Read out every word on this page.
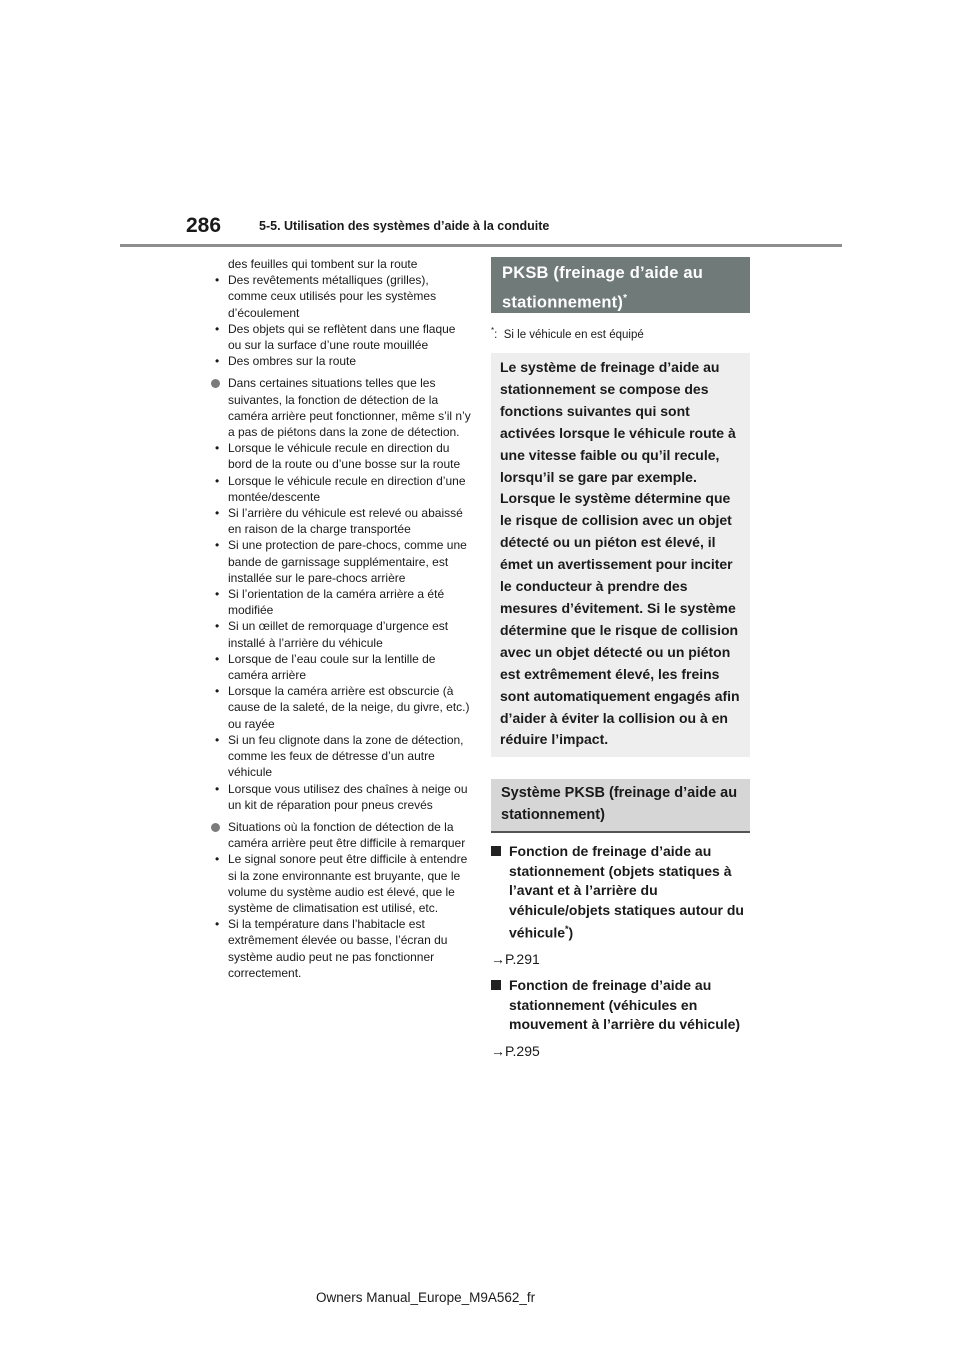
286	5-5. Utilisation des systèmes d’aide à la conduite

des feuilles qui tombent sur la route

• Des revêtements métalliques (grilles), comme ceux utilisés pour les systèmes d’écoulement
• Des objets qui se reflètent dans une flaque ou sur la surface d’une route mouillée
• Des ombres sur la route

Dans certaines situations telles que les suivantes, la fonction de détection de la caméra arrière peut fonctionner, même s’il n’y a pas de piétons dans la zone de détection.

• Lorsque le véhicule recule en direction du bord de la route ou d’une bosse sur la route
• Lorsque le véhicule recule en direction d’une montée/descente
• Si l’arrière du véhicule est relevé ou abaissé en raison de la charge transportée
• Si une protection de pare-chocs, comme une bande de garnissage supplémentaire, est installée sur le pare-chocs arrière
• Si l’orientation de la caméra arrière a été modifiée
• Si un œillet de remorquage d’urgence est installé à l’arrière du véhicule
• Lorsque de l’eau coule sur la lentille de caméra arrière
• Lorsque la caméra arrière est obscurcie (à cause de la saleté, de la neige, du givre, etc.) ou rayée
• Si un feu clignote dans la zone de détection, comme les feux de détresse d’un autre véhicule
• Lorsque vous utilisez des chaînes à neige ou un kit de réparation pour pneus crevés

Situations où la fonction de détection de la caméra arrière peut être difficile à remarquer

• Le signal sonore peut être difficile à entendre si la zone environnante est bruyante, que le volume du système audio est élevé, que le système de climatisation est utilisé, etc.
• Si la température dans l’habitacle est extrêmement élevée ou basse, l’écran du système audio peut ne pas fonctionner correctement.
PKSB (freinage d’aide au stationnement)*

*:  Si le véhicule en est équipé

Le système de freinage d’aide au stationnement se compose des fonctions suivantes qui sont activées lorsque le véhicule route à une vitesse faible ou qu’il recule, lorsqu’il se gare par exemple. Lorsque le système détermine que le risque de collision avec un objet détecté ou un piéton est élevé, il émet un avertissement pour inciter le conducteur à prendre des mesures d’évitement. Si le système détermine que le risque de collision avec un objet détecté ou un piéton est extrêmement élevé, les freins sont automatiquement engagés afin d’aider à éviter la collision ou à en réduire l’impact.
Système PKSB (freinage d’aide au stationnement)
Fonction de freinage d’aide au stationnement (objets statiques à l’avant et à l’arrière du véhicule/objets statiques autour du véhicule*)

→P.291

Fonction de freinage d’aide au stationnement (véhicules en mouvement à l’arrière du véhicule)

→P.295

Owners Manual_Europe_M9A562_fr
